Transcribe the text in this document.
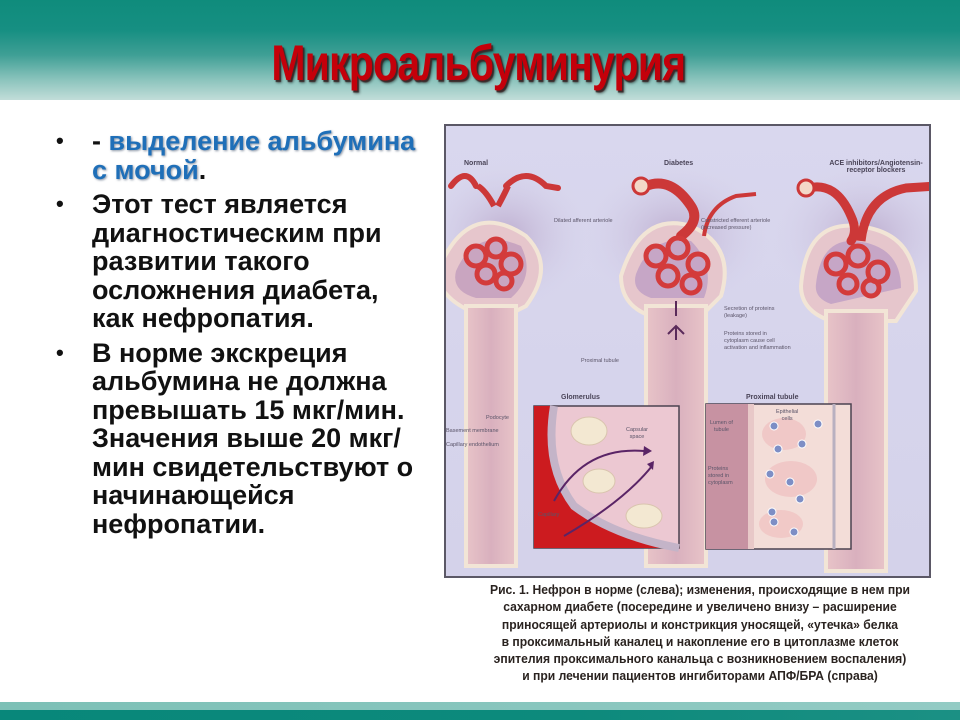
Микроальбуминурия
• - выделение альбумина с мочой.
• Этот тест является диагностическим при развитии такого осложнения диабета, как нефропатия.
• В норме экскреция альбумина не должна превышать 15 мкг/мин. Значения выше 20 мкг/мин свидетельствуют о начинающейся нефропатии.
Normal	Diabetes	ACE inhibitors/Angiotensin-
receptor blockers
Glomerulus	Proximal tubule
Dilated afferent arteriole	Constricted efferent arteriole
(increased pressure)
Secretion of proteins
(leakage)
Proteins stored in
cytoplasm cause cell
activation and inflammation
Proximal tubule
Podocyte
Basement membrane
Capillary endothelium
Capsular
space
Capillary
Lumen of
tubule
Epithelial
cells
Proteins
stored in
cytoplasm
Рис. 1. Нефрон в норме (слева); изменения, происходящие в нем при
сахарном диабете (посередине и увеличено внизу – расширение
приносящей артериолы и констрикция уносящей, «утечка» белка
в проксимальный каналец и накопление его в цитоплазме клеток
эпителия проксимального канальца с возникновением воспаления)
и при лечении пациентов ингибиторами АПФ/БРА (справа)
